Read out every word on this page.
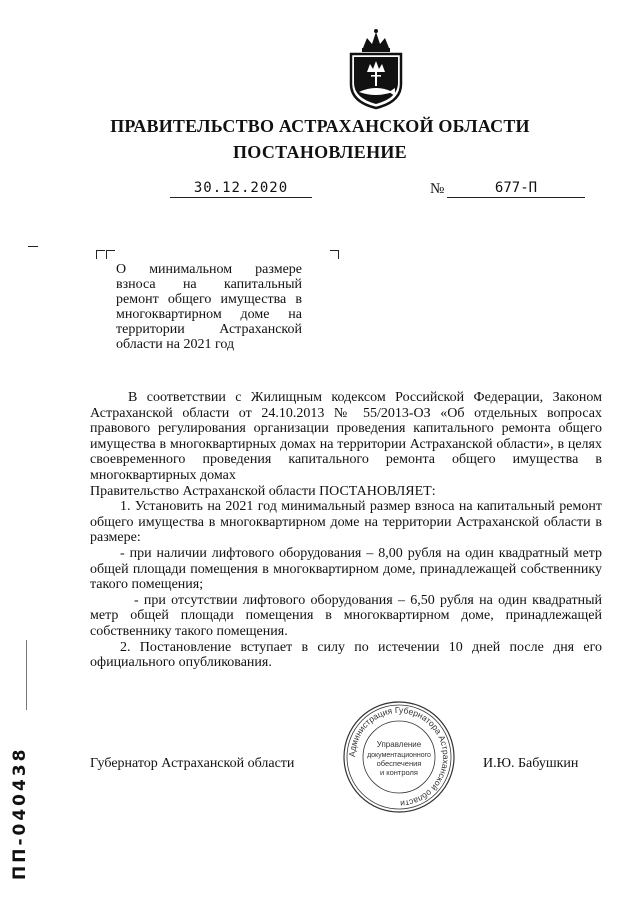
ПРАВИТЕЛЬСТВО АСТРАХАНСКОЙ ОБЛАСТИ
ПОСТАНОВЛЕНИЕ
30.12.2020	№	677-П
О минимальном размере
взноса на капитальный
ремонт общего имущества в
многоквартирном доме на
территории Астраханской
области на 2021 год

В соответствии с Жилищным кодексом Российской Федерации, Законом Астраханской области от 24.10.2013 № 55/2013-ОЗ «Об отдельных вопросах правового регулирования организации проведения капитального ремонта общего имущества в многоквартирных домах на территории Астраханской области», в целях своевременного проведения капитального ремонта общего имущества в многоквартирных домах

Правительство Астраханской области ПОСТАНОВЛЯЕТ:

1. Установить на 2021 год минимальный размер взноса на капитальный ремонт общего имущества в многоквартирном доме на территории Астраханской области в размере:

- при наличии лифтового оборудования – 8,00 рубля на один квадратный метр общей площади помещения в многоквартирном доме, принадлежащей собственнику такого помещения;

- при отсутствии лифтового оборудования – 6,50 рубля на один квадратный метр общей площади помещения в многоквартирном доме, принадлежащей собственнику такого помещения.

2. Постановление вступает в силу по истечении 10 дней после дня его официального опубликования.

Губернатор Астраханской области	И.Ю. Бабушкин
Администрация Губернатора Астраханской области
Управление
документационного
обеспечения
и контроля
ПП-040438
